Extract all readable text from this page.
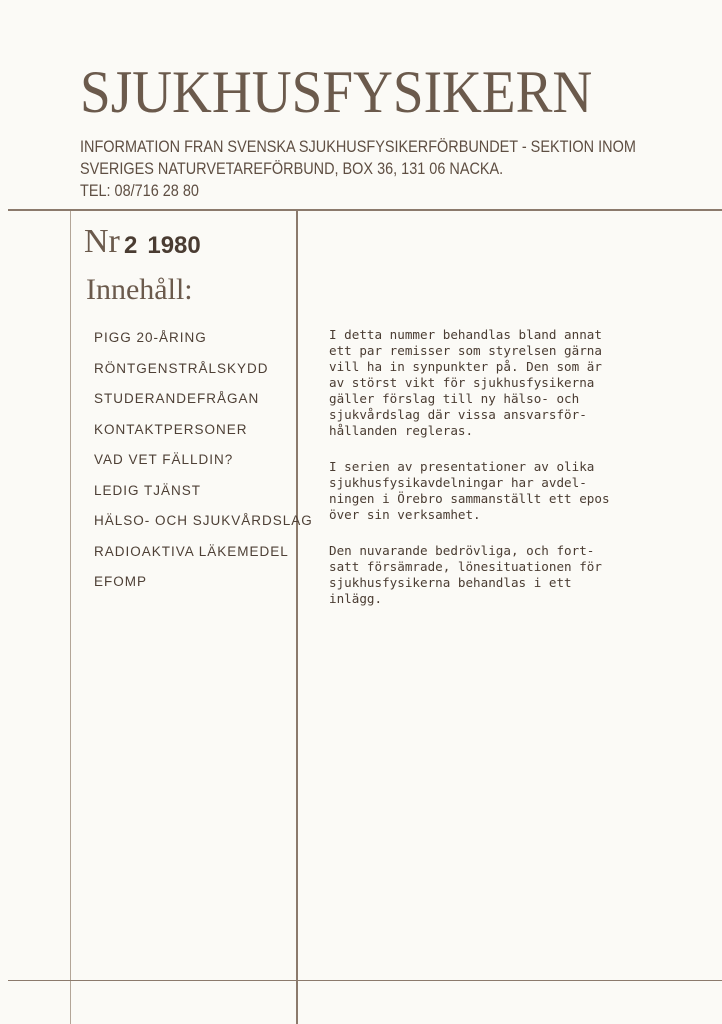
SJUKHUSFYSIKERN
INFORMATION FRAN SVENSKA SJUKHUSFYSIKERFÖRBUNDET - SEKTION INOM
SVERIGES NATURVETAREFÖRBUND, BOX 36, 131 06 NACKA.
TEL: 08/716 28 80
Nr 2 1980
Innehåll:
PIGG 20-ÅRING
RÖNTGENSTRÅLSKYDD
STUDERANDEFRÅGAN
KONTAKTPERSONER
VAD VET FÄLLDIN?
LEDIG TJÄNST
HÄLSO- OCH SJUKVÅRDSLAG
RADIOAKTIVA LÄKEMEDEL
EFOMP

I detta nummer behandlas bland annat
ett par remisser som styrelsen gärna
vill ha in synpunkter på. Den som är
av störst vikt för sjukhusfysikerna
gäller förslag till ny hälso- och
sjukvårdslag där vissa ansvarsför-
hållanden regleras.

I serien av presentationer av olika
sjukhusfysikavdelningar har avdel-
ningen i Örebro sammanställt ett epos
över sin verksamhet.

Den nuvarande bedrövliga, och fort-
satt försämrade, lönesituationen för
sjukhusfysikerna behandlas i ett
inlägg.
